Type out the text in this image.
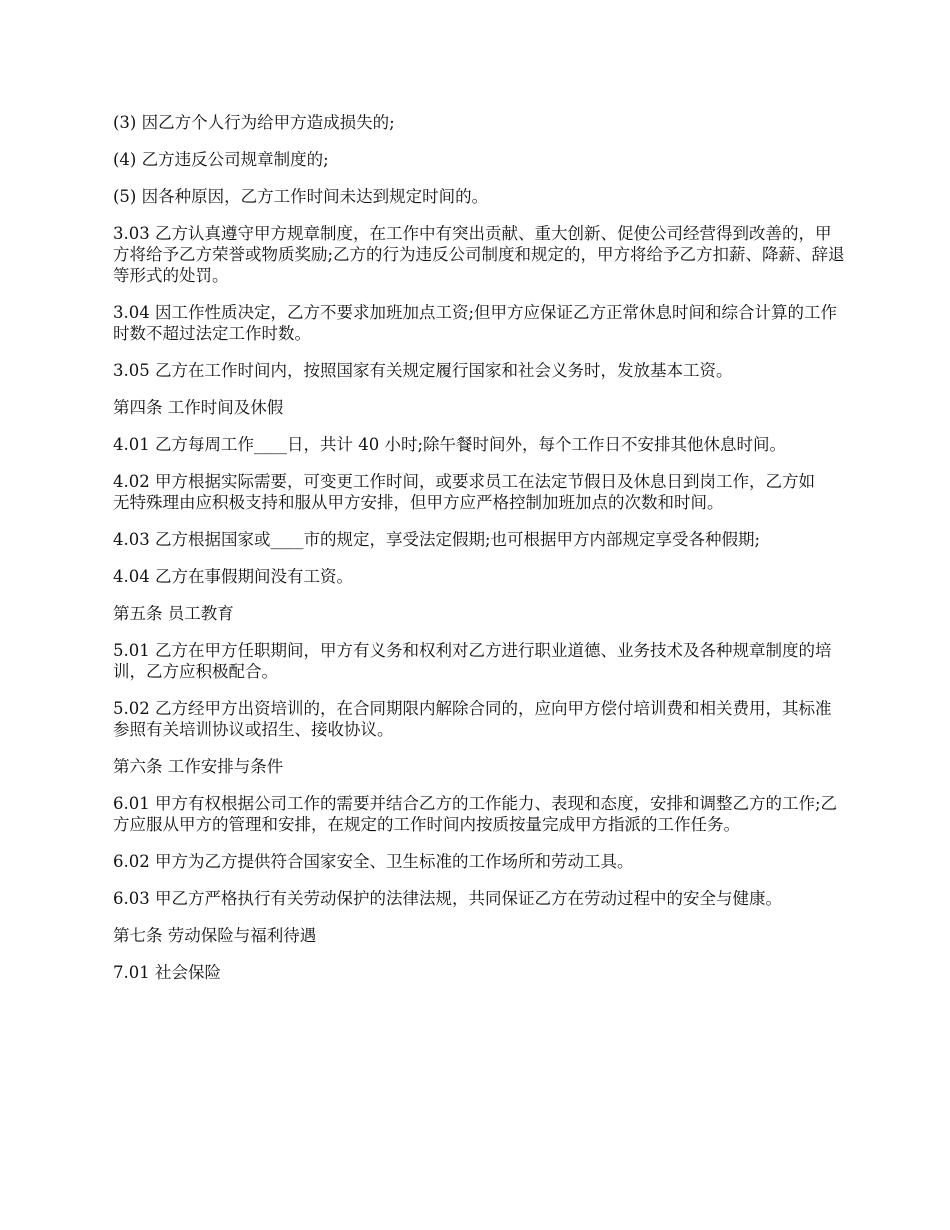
(3) 因乙方个人行为给甲方造成损失的;

(4) 乙方违反公司规章制度的;

(5) 因各种原因，乙方工作时间未达到规定时间的。

3.03 乙方认真遵守甲方规章制度，在工作中有突出贡献、重大创新、促使公司经营得到改善的，甲方将给予乙方荣誉或物质奖励;乙方的行为违反公司制度和规定的，甲方将给予乙方扣薪、降薪、辞退等形式的处罚。

3.04 因工作性质决定，乙方不要求加班加点工资;但甲方应保证乙方正常休息时间和综合计算的工作时数不超过法定工作时数。

3.05 乙方在工作时间内，按照国家有关规定履行国家和社会义务时，发放基本工资。

第四条 工作时间及休假

4.01 乙方每周工作____日，共计 40 小时;除午餐时间外，每个工作日不安排其他休息时间。

4.02 甲方根据实际需要，可变更工作时间，或要求员工在法定节假日及休息日到岗工作，乙方如　　无特殊理由应积极支持和服从甲方安排，但甲方应严格控制加班加点的次数和时间。

4.03 乙方根据国家或____市的规定，享受法定假期;也可根据甲方内部规定享受各种假期;

4.04 乙方在事假期间没有工资。

第五条 员工教育

5.01 乙方在甲方任职期间，甲方有义务和权利对乙方进行职业道德、业务技术及各种规章制度的培训，乙方应积极配合。

5.02 乙方经甲方出资培训的，在合同期限内解除合同的，应向甲方偿付培训费和相关费用，其标准参照有关培训协议或招生、接收协议。

第六条 工作安排与条件

6.01 甲方有权根据公司工作的需要并结合乙方的工作能力、表现和态度，安排和调整乙方的工作;乙方应服从甲方的管理和安排，在规定的工作时间内按质按量完成甲方指派的工作任务。

6.02 甲方为乙方提供符合国家安全、卫生标准的工作场所和劳动工具。

6.03 甲乙方严格执行有关劳动保护的法律法规，共同保证乙方在劳动过程中的安全与健康。

第七条 劳动保险与福利待遇

7.01 社会保险
